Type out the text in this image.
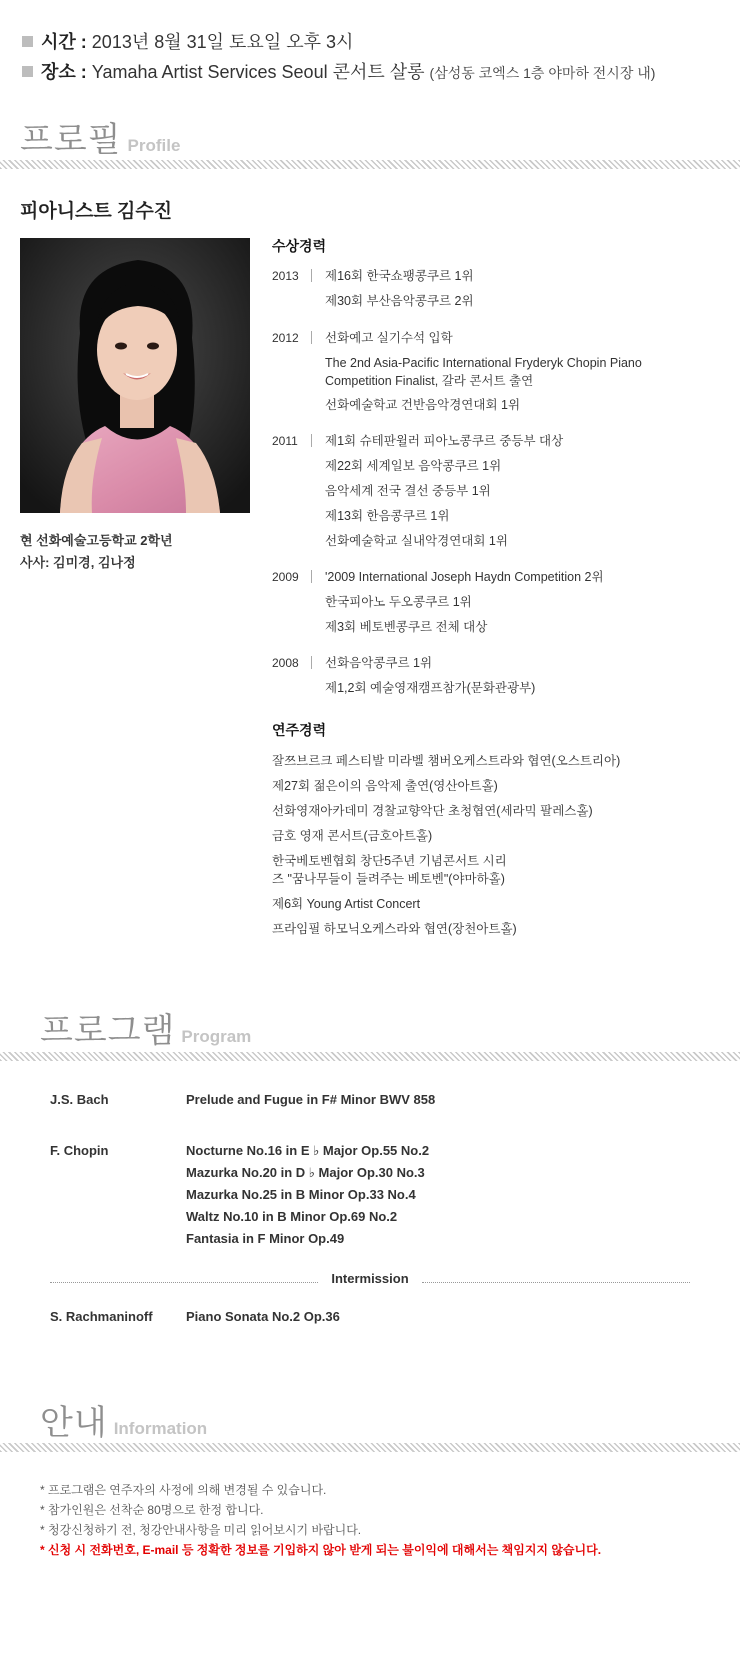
시간 : 2013년 8월 31일 토요일 오후 3시
장소 : Yamaha Artist Services Seoul 콘서트 살롱 (삼성동 코엑스 1층 야마하 전시장 내)
프로필 Profile
피아니스트 김수진
현 선화예술고등학교 2학년
사사: 김미경, 김나정
수상경력
2013 제16회 한국쇼팽콩쿠르 1위
제30회 부산음악콩쿠르 2위
2012 선화예고 실기수석 입학
The 2nd Asia-Pacific International Fryderyk Chopin Piano Competition Finalist, 갈라 콘서트 출연
선화예술학교 건반음악경연대회 1위
2011 제1회 슈테판윌러 피아노콩쿠르 중등부 대상
제22회 세계일보 음악콩쿠르 1위
음악세계 전국 결선 중등부 1위
제13회 한음콩쿠르 1위
선화예술학교 실내악경연대회 1위
2009 '2009 International Joseph Haydn Competition 2위
한국피아노 두오콩쿠르 1위
제3회 베토벤콩쿠르 전체 대상
2008 선화음악콩쿠르 1위
제1,2회 예술영재캠프참가(문화관광부)
연주경력
잘쯔브르크 페스티발 미라벨 챔버오케스트라와 협연(오스트리아)
제27회 젊은이의 음악제 출연(영산아트홀)
선화영재아카데미 경찰교향악단 초청협연(세라믹 팔레스홀)
금호 영재 콘서트(금호아트홀)
한국베토벤협회 창단5주년 기념콘서트 시리즈 "꿈나무들이 들려주는 베토벤"(야마하홀)
제6회 Young Artist Concert
프라임필 하모닉오케스라와 협연(장천아트홀)
프로그램 Program
J.S. Bach	Prelude and Fugue in F# Minor BWV 858
F. Chopin	Nocturne No.16 in E ♭ Major Op.55 No.2
Mazurka No.20 in D ♭ Major Op.30 No.3
Mazurka No.25 in B Minor Op.33 No.4
Waltz No.10 in B Minor Op.69 No.2
Fantasia in F Minor Op.49
Intermission
S. Rachmaninoff	Piano Sonata No.2 Op.36
안내 Information
* 프로그램은 연주자의 사정에 의해 변경될 수 있습니다.
* 참가인원은 선착순 80명으로 한정 합니다.
* 청강신청하기 전, 청강안내사항을 미리 읽어보시기 바랍니다.
* 신청 시 전화번호, E-mail 등 정확한 정보를 기입하지 않아 받게 되는 불이익에 대해서는 책임지지 않습니다.
